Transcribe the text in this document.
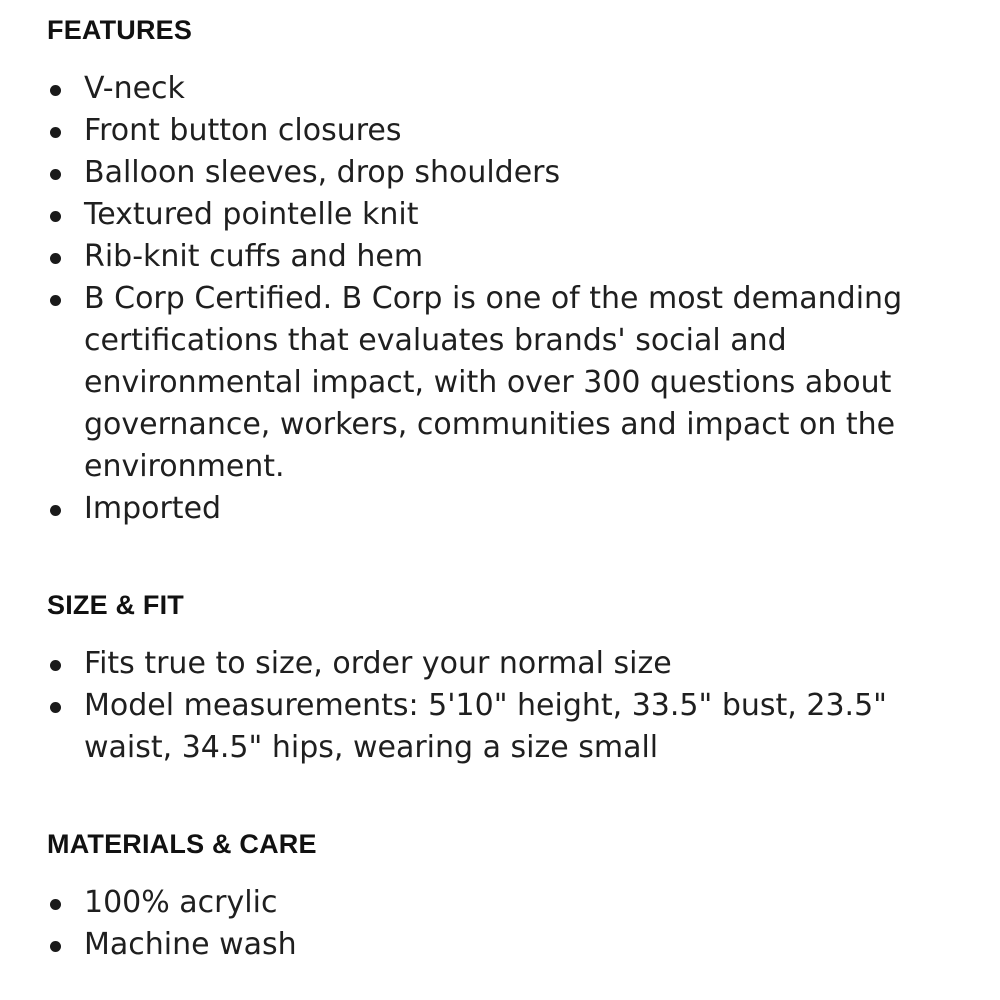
FEATURES
V-neck
Front button closures
Balloon sleeves, drop shoulders
Textured pointelle knit
Rib-knit cuffs and hem
B Corp Certified. B Corp is one of the most demanding certifications that evaluates brands' social and environmental impact, with over 300 questions about governance, workers, communities and impact on the environment.
Imported
SIZE & FIT
Fits true to size, order your normal size
Model measurements: 5'10" height, 33.5" bust, 23.5" waist, 34.5" hips, wearing a size small
MATERIALS & CARE
100% acrylic
Machine wash
